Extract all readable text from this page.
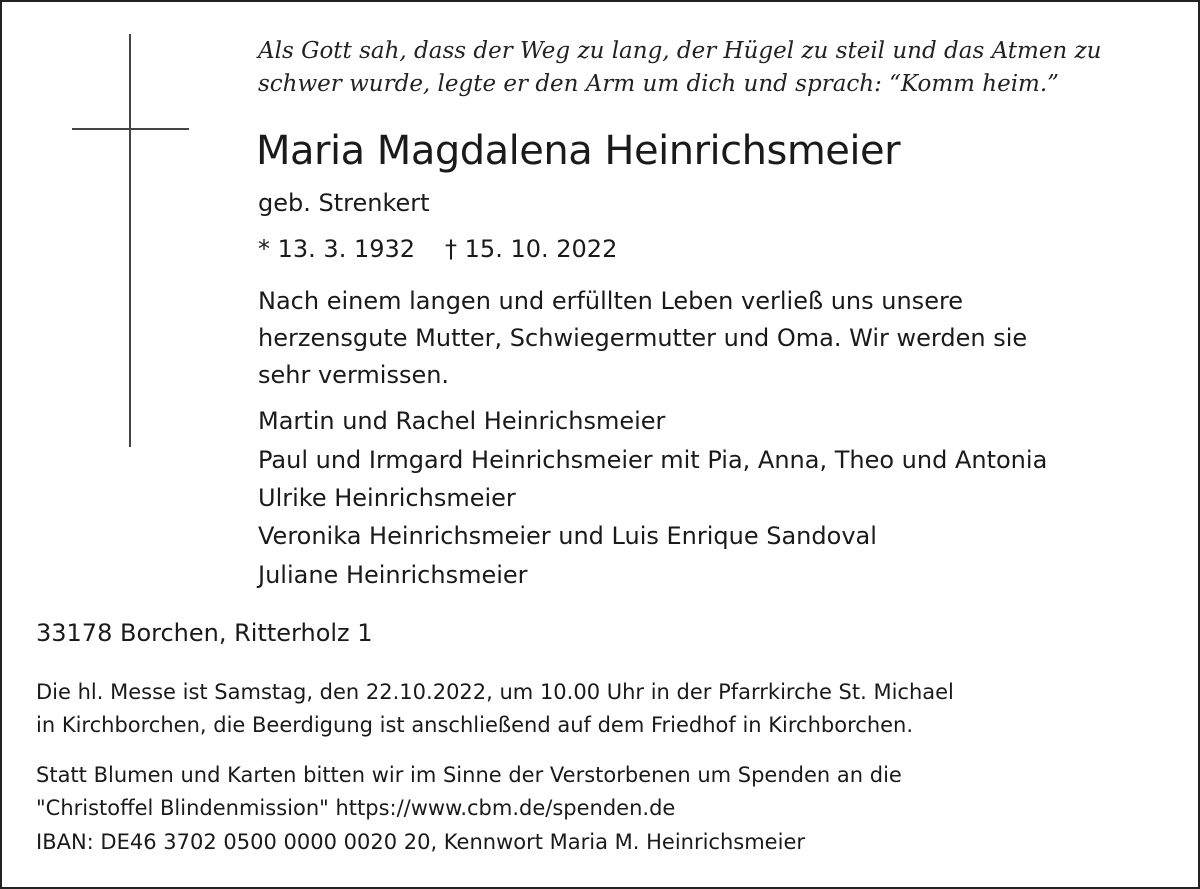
Als Gott sah, dass der Weg zu lang, der Hügel zu steil und das Atmen zu

schwer wurde, legte er den Arm um dich und sprach: “Komm heim.”

Maria Magdalena Heinrichsmeier

geb. Strenkert

* 13. 3. 1932 † 15. 10. 2022

Nach einem langen und erfüllten Leben verließ uns unsere

herzensgute Mutter, Schwiegermutter und Oma. Wir werden sie

sehr vermissen.

Martin und Rachel Heinrichsmeier

Paul und Irmgard Heinrichsmeier mit Pia, Anna, Theo und Antonia

Ulrike Heinrichsmeier

Veronika Heinrichsmeier und Luis Enrique Sandoval

Juliane Heinrichsmeier

33178 Borchen, Ritterholz 1

Die hl. Messe ist Samstag, den 22.10.2022, um 10.00 Uhr in der Pfarrkirche St. Michael

in Kirchborchen, die Beerdigung ist anschließend auf dem Friedhof in Kirchborchen.

Statt Blumen und Karten bitten wir im Sinne der Verstorbenen um Spenden an die

"Christoffel Blindenmission" https://www.cbm.de/spenden.de

IBAN: DE46 3702 0500 0000 0020 20, Kennwort Maria M. Heinrichsmeier
